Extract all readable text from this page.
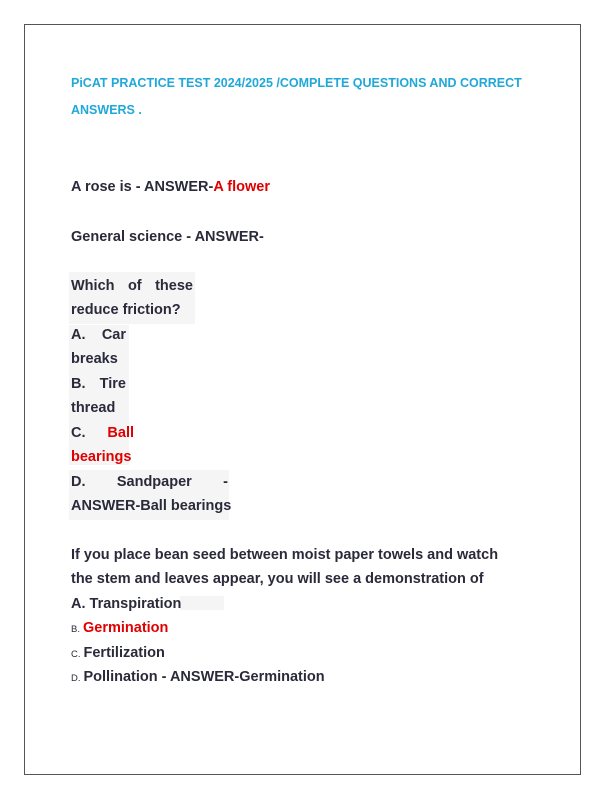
PiCAT PRACTICE TEST 2024/2025 /COMPLETE QUESTIONS AND CORRECT ANSWERS .

A rose is - ANSWER-A flower

General science - ANSWER-

Which of these

reduce friction?

A. Car

breaks

B. Tire

thread

C. Ball

bearings

D. Sandpaper -

ANSWER-Ball bearings

If you place bean seed between moist paper towels and watch

the stem and leaves appear, you will see a demonstration of

A. Transpiration

B. Germination

C. Fertilization

D. Pollination - ANSWER-Germination
